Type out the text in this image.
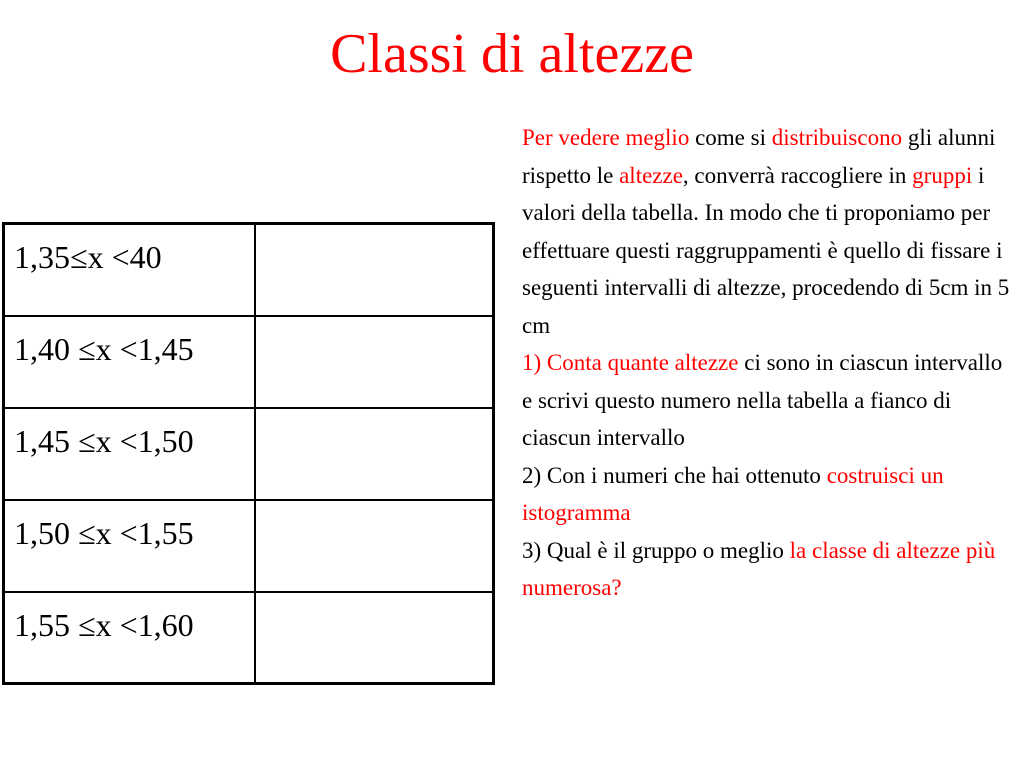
Classi di altezze
1,35≤x <40	
1,40 ≤x <1,45	
1,45 ≤x <1,50	
1,50 ≤x <1,55	
1,55 ≤x <1,60	
Per vedere meglio come si distribuiscono gli alunni rispetto le altezze, converrà raccogliere in gruppi i valori della tabella. In modo che ti proponiamo per effettuare questi raggruppamenti è quello di fissare i seguenti intervalli di altezze, procedendo di 5cm in 5 cm
1) Conta quante altezze ci sono in ciascun intervallo e scrivi questo numero nella tabella a fianco di ciascun intervallo
2) Con i numeri che hai ottenuto costruisci un istogramma
3) Qual è il gruppo o meglio la classe di altezze più numerosa?
